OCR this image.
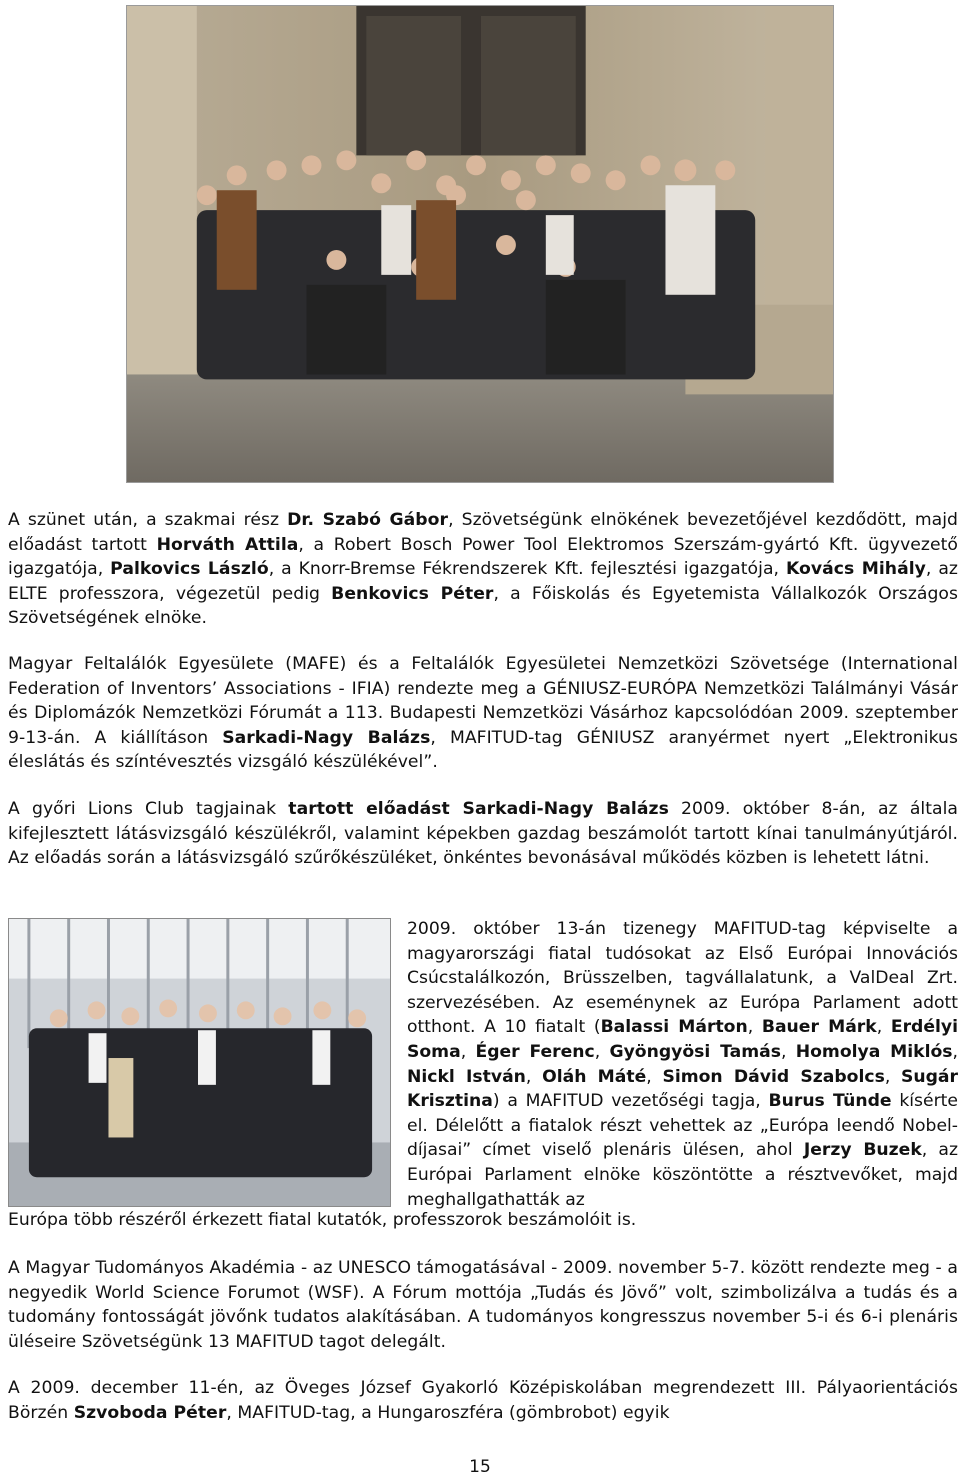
A szünet után, a szakmai rész Dr. Szabó Gábor, Szövetségünk elnökének bevezetőjével kezdődött, majd előadást tartott Horváth Attila, a Robert Bosch Power Tool Elektromos Szerszám-gyártó Kft. ügyvezető igazgatója, Palkovics László, a Knorr-Bremse Fékrendszerek Kft. fejlesztési igazgatója, Kovács Mihály, az ELTE professzora, végezetül pedig Benkovics Péter, a Főiskolás és Egyetemista Vállalkozók Országos Szövetségének elnöke.

Magyar Feltalálók Egyesülete (MAFE) és a Feltalálók Egyesületei Nemzetközi Szövetsége (International Federation of Inventors’ Associations - IFIA) rendezte meg a GÉNIUSZ-EURÓPA Nemzetközi Találmányi Vásár és Diplomázók Nemzetközi Fórumát a 113. Budapesti Nemzetközi Vásárhoz kapcsolódóan 2009. szeptember 9-13-án. A kiállításon Sarkadi-Nagy Balázs, MAFITUD-tag GÉNIUSZ aranyérmet nyert „Elektronikus éleslátás és színtévesztés vizsgáló készülékével”.

A győri Lions Club tagjainak tartott előadást Sarkadi-Nagy Balázs 2009. október 8-án, az általa kifejlesztett látásvizsgáló készülékről, valamint képekben gazdag beszámolót tartott kínai tanulmányútjáról. Az előadás során a látásvizsgáló szűrőkészüléket, önkéntes bevonásával működés közben is lehetett látni.

2009. október 13-án tizenegy MAFITUD-tag képviselte a magyarországi fiatal tudósokat az Első Európai Innovációs Csúcstalálkozón, Brüsszelben, tagvállalatunk, a ValDeal Zrt. szervezésében. Az eseménynek az Európa Parlament adott otthont. A 10 fiatalt (Balassi Márton, Bauer Márk, Erdélyi Soma, Éger Ferenc, Gyöngyösi Tamás, Homolya Miklós, Nickl István, Oláh Máté, Simon Dávid Szabolcs, Sugár Krisztina) a MAFITUD vezetőségi tagja, Burus Tünde kísérte el. Délelőtt a fiatalok részt vehettek az „Európa leendő Nobel-díjasai” címet viselő plenáris ülésen, ahol Jerzy Buzek, az Európai Parlament elnöke köszöntötte a résztvevőket, majd meghallgathatták az

Európa több részéről érkezett fiatal kutatók, professzorok beszámolóit is.

A Magyar Tudományos Akadémia - az UNESCO támogatásával - 2009. november 5-7. között rendezte meg - a negyedik World Science Forumot (WSF). A Fórum mottója „Tudás és Jövő” volt, szimbolizálva a tudás és a tudomány fontosságát jövőnk tudatos alakításában. A tudományos kongresszus november 5-i és 6-i plenáris üléseire Szövetségünk 13 MAFITUD tagot delegált.

A 2009. december 11-én, az Öveges József Gyakorló Középiskolában megrendezett III. Pályaorientációs Börzén Szvoboda Péter, MAFITUD-tag, a Hungaroszféra (gömbrobot) egyik

15
